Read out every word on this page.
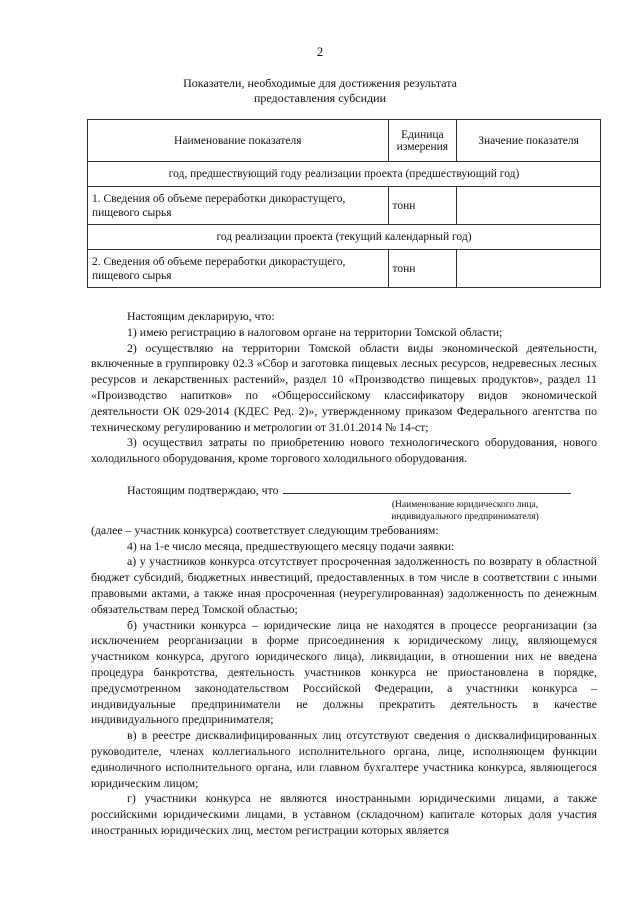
2
Показатели, необходимые для достижения результата
предоставления субсидии
Наименование показателя	Единица измерения	Значение показателя
год, предшествующий году реализации проекта (предшествующий год)		
1. Сведения об объеме переработки дикорастущего, пищевого сырья	тонн	
год реализации проекта (текущий календарный год)		
2. Сведения об объеме переработки дикорастущего, пищевого сырья	тонн	

Настоящим декларирую, что:

1) имею регистрацию в налоговом органе на территории Томской области;

2) осуществляю на территории Томской области виды экономической деятельности, включенные в группировку 02.3 «Сбор и заготовка пищевых лесных ресурсов, недревесных лесных ресурсов и лекарственных растений», раздел 10 «Производство пищевых продуктов», раздел 11 «Производство напитков» по «Общероссийскому классификатору видов экономической деятельности ОК 029-2014 (КДЕС Ред. 2)», утвержденному приказом Федерального агентства по техническому регулированию и метрологии от 31.01.2014 № 14-ст;

3) осуществил затраты по приобретению нового технологического оборудования, нового холодильного оборудования, кроме торгового холодильного оборудования.

Настоящим подтверждаю, что
(Наименование юридического лица,
индивидуального предпринимателя)

(далее – участник конкурса) соответствует следующим требованиям:

4) на 1-е число месяца, предшествующего месяцу подачи заявки:

а) у участников конкурса отсутствует просроченная задолженность по возврату в областной бюджет субсидий, бюджетных инвестиций, предоставленных в том числе в соответствии с иными правовыми актами, а также иная просроченная (неурегулированная) задолженность по денежным обязательствам перед Томской областью;

б) участники конкурса – юридические лица не находятся в процессе реорганизации (за исключением реорганизации в форме присоединения к юридическому лицу, являющемуся участником конкурса, другого юридического лица), ликвидации, в отношении них не введена процедура банкротства, деятельность участников конкурса не приостановлена в порядке, предусмотренном законодательством Российской Федерации, а участники конкурса – индивидуальные предприниматели не должны прекратить деятельность в качестве индивидуального предпринимателя;

в) в реестре дисквалифицированных лиц отсутствуют сведения о дисквалифицированных руководителе, членах коллегиального исполнительного органа, лице, исполняющем функции единоличного исполнительного органа, или главном бухгалтере участника конкурса, являющегося юридическим лицом;

г) участники конкурса не являются иностранными юридическими лицами, а также российскими юридическими лицами, в уставном (складочном) капитале которых доля участия иностранных юридических лиц, местом регистрации которых является
